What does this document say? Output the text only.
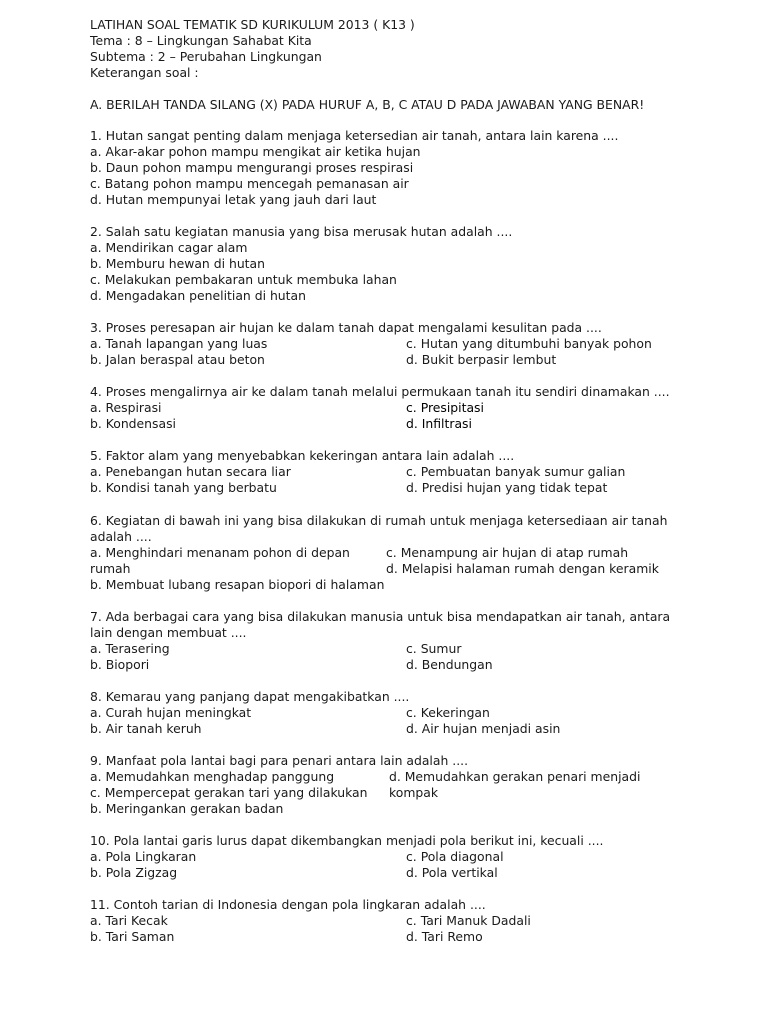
LATIHAN SOAL TEMATIK SD KURIKULUM 2013 ( K13 )
Tema : 8 – Lingkungan Sahabat Kita
Subtema : 2 – Perubahan Lingkungan
Keterangan soal :
A. BERILAH TANDA SILANG (X) PADA HURUF A, B, C ATAU D PADA JAWABAN YANG BENAR!
1. Hutan sangat penting dalam menjaga ketersedian air tanah, antara lain karena ....
a. Akar-akar pohon mampu mengikat air ketika hujan
b. Daun pohon mampu mengurangi proses respirasi
c. Batang pohon mampu mencegah pemanasan air
d. Hutan mempunyai letak yang jauh dari laut
2. Salah satu kegiatan manusia yang bisa merusak hutan adalah ....
a. Mendirikan cagar alam
b. Memburu hewan di hutan
c. Melakukan pembakaran untuk membuka lahan
d. Mengadakan penelitian di hutan
3. Proses peresapan air hujan ke dalam tanah dapat mengalami kesulitan pada ....
a. Tanah lapangan yang luas	c. Hutan yang ditumbuhi banyak pohon
b. Jalan beraspal atau beton	d. Bukit berpasir lembut
4. Proses mengalirnya air ke dalam tanah melalui permukaan tanah itu sendiri dinamakan ....
a. Respirasi	c. Presipitasi
b. Kondensasi	d. Infiltrasi
5. Faktor alam yang menyebabkan kekeringan antara lain adalah ....
a. Penebangan hutan secara liar	c. Pembuatan banyak sumur galian
b. Kondisi tanah yang berbatu	d. Predisi hujan yang tidak tepat
6. Kegiatan di bawah ini yang bisa dilakukan di rumah untuk menjaga ketersediaan air tanah
adalah ....
a. Menghindari menanam pohon di depan	c. Menampung air hujan di atap rumah
rumah	d. Melapisi halaman rumah dengan keramik
b. Membuat lubang resapan biopori di halaman
7. Ada berbagai cara yang bisa dilakukan manusia untuk bisa mendapatkan air tanah, antara
lain dengan membuat ....
a. Terasering	c. Sumur
b. Biopori	d. Bendungan
8. Kemarau yang panjang dapat mengakibatkan ....
a. Curah hujan meningkat	c. Kekeringan
b. Air tanah keruh	d. Air hujan menjadi asin
9. Manfaat pola lantai bagi para penari antara lain adalah ....
a. Memudahkan menghadap panggung	d. Memudahkan gerakan penari menjadi
c. Mempercepat gerakan tari yang dilakukan kompak
b. Meringankan gerakan badan
10. Pola lantai garis lurus dapat dikembangkan menjadi pola berikut ini, kecuali ....
a. Pola Lingkaran	c. Pola diagonal
b. Pola Zigzag	d. Pola vertikal
11. Contoh tarian di Indonesia dengan pola lingkaran adalah ....
a. Tari Kecak	c. Tari Manuk Dadali
b. Tari Saman	d. Tari Remo
